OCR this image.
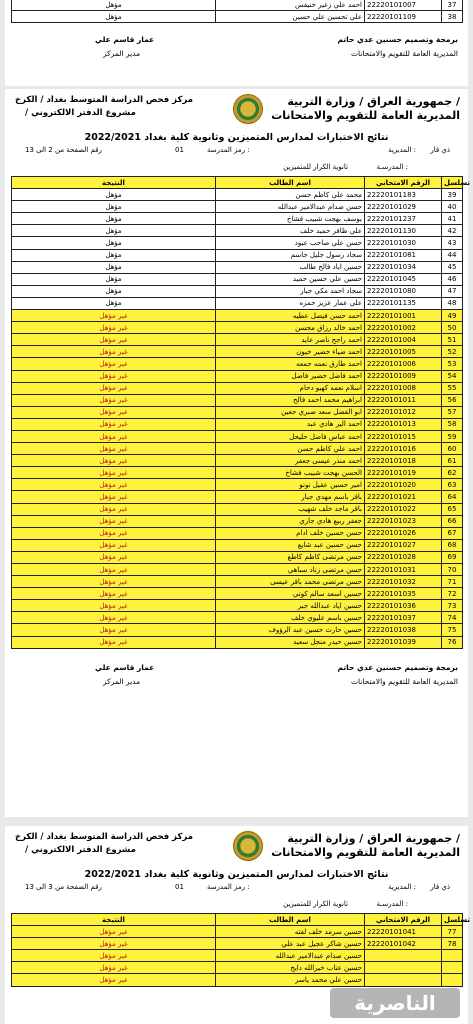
مؤهل	احمد علي زغير خنيفس	22220101007	37
مؤهل	علي تحسين علي حسين	22220101109	38
برمجة وتصميم حسنين عدي حاتم
المديرية العامة للتقويم والامتحانات
عمار قاسم علي
مدير المركز
جمهورية العراق / وزارة التربية /
المديرية العامة للتقويم والامتحانات
مركز فحص الدراسة المتوسط بغداد / الكرخ
/ مشروع الدفتر الالكتروني
نتائج الاختبارات لمدارس المتميزين وثانوية كلية بغداد 2022/2021
المديرية : ذي قار
رمز المدرسة :
01
رقم الصفحة من 2 الى 13
المدرسـة :
ثانوية الكرار للمتميزين
النتيجة	اسم الطالب	الرقم الامتحاني	تسلسل
مؤهل	محمد علي كاظم حسن	22220101183	39
مؤهل	حسن صدام عبدالامير عبدالله	22220101029	40
مؤهل	يوسف بهجت شبيب فشاخ	22220101237	41
مؤهل	علي ظافر حميد خلف	22220101130	42
مؤهل	حسن علي صاحب عبود	22220101030	43
مؤهل	سجاد رسول جليل جاسم	22220101081	44
مؤهل	حسين اياد فالح طالب	22220101034	45
مؤهل	حسين علي حسين حميد	22220101045	46
مؤهل	سجاد احمد مكي جبار	22220101080	47
مؤهل	علي عمار عزيز حمزه	22220101135	48
غير مؤهل	احمد حسن فيصل عطيه	22220101001	49
غير مؤهل	احمد خالد رزاق محسن	22220101002	50
غير مؤهل	احمد راجح ناصر عايد	22220101004	51
غير مؤهل	احمد ضياء خضير خيون	22220101005	52
غير مؤهل	احمد طارق نعمه جمعه	22220101006	53
غير مؤهل	احمد فاضل خضير فاضل	22220101009	54
غير مؤهل	اسلام نعمه كهيو دحام	22220101008	55
غير مؤهل	ابراهيم محمد احمد فالح	22220101011	56
غير مؤهل	ابو الفضل سعد صبري جعين	22220101012	57
غير مؤهل	احمد الير هادي عبد	22220101013	58
غير مؤهل	احمد عباس فاضل حليحل	22220101015	59
غير مؤهل	احمد علي كاظم حسن	22220101016	60
غير مؤهل	احمد منذر عيسى جعفر	22220101018	61
غير مؤهل	الحسن بهجت شبيب فشاخ	22220101019	62
غير مؤهل	امير حسين عقيل نونو	22220101020	63
غير مؤهل	باقر باسم مهدي جبار	22220101021	64
غير مؤهل	باقر ماجد خلف شهيب	22220101022	65
غير مؤهل	جعفر ربيع هادي جاري	22220101023	66
غير مؤهل	حسن حسين خلف ادام	22220101026	67
غير مؤهل	حسن حسين عبد شايع	22220101027	68
غير مؤهل	حسن مرتضى كاظم كاطع	22220101028	69
غير مؤهل	حسن مرتضى زناد سباهي	22220101031	70
غير مؤهل	حسن مرتضى محمد باقر عيسى	22220101032	71
غير مؤهل	حسين اسعد سالم كوتي	22220101035	72
غير مؤهل	حسين اياد عبدالله جبر	22220101036	73
غير مؤهل	حسين باسم عليوي خلف	22220101037	74
غير مؤهل	حسين حارث حسين عبد الرؤوف	22220101038	75
غير مؤهل	حسين حيدر منجل سعيد	22220101039	76
برمجة وتصميم حسنين عدي حاتم
المديرية العامة للتقويم والامتحانات
عمار قاسم علي
مدير المركز
جمهورية العراق / وزارة التربية /
المديرية العامة للتقويم والامتحانات
مركز فحص الدراسة المتوسط بغداد / الكرخ
/ مشروع الدفتر الالكتروني
نتائج الاختبارات لمدارس المتميزين وثانوية كلية بغداد 2022/2021
المديرية : ذي قار
رمز المدرسة :
01
رقم الصفحة من 3 الى 13
المدرسـة :
ثانوية الكرار للمتميزين
النتيجة	اسم الطالب	الرقم الامتحاني	تسلسل
غير مؤهل	حسين سرمد خلف لفته	22220101041	77
غير مؤهل	حسين شاكر عجيل عبد علي	22220101042	78
غير مؤهل	حسين صدام عبدالامير عبدالله		
غير مؤهل	حسين عتاب خيرالله دايخ		
غير مؤهل	حسين علي محمد ياسر		
الناصرية
